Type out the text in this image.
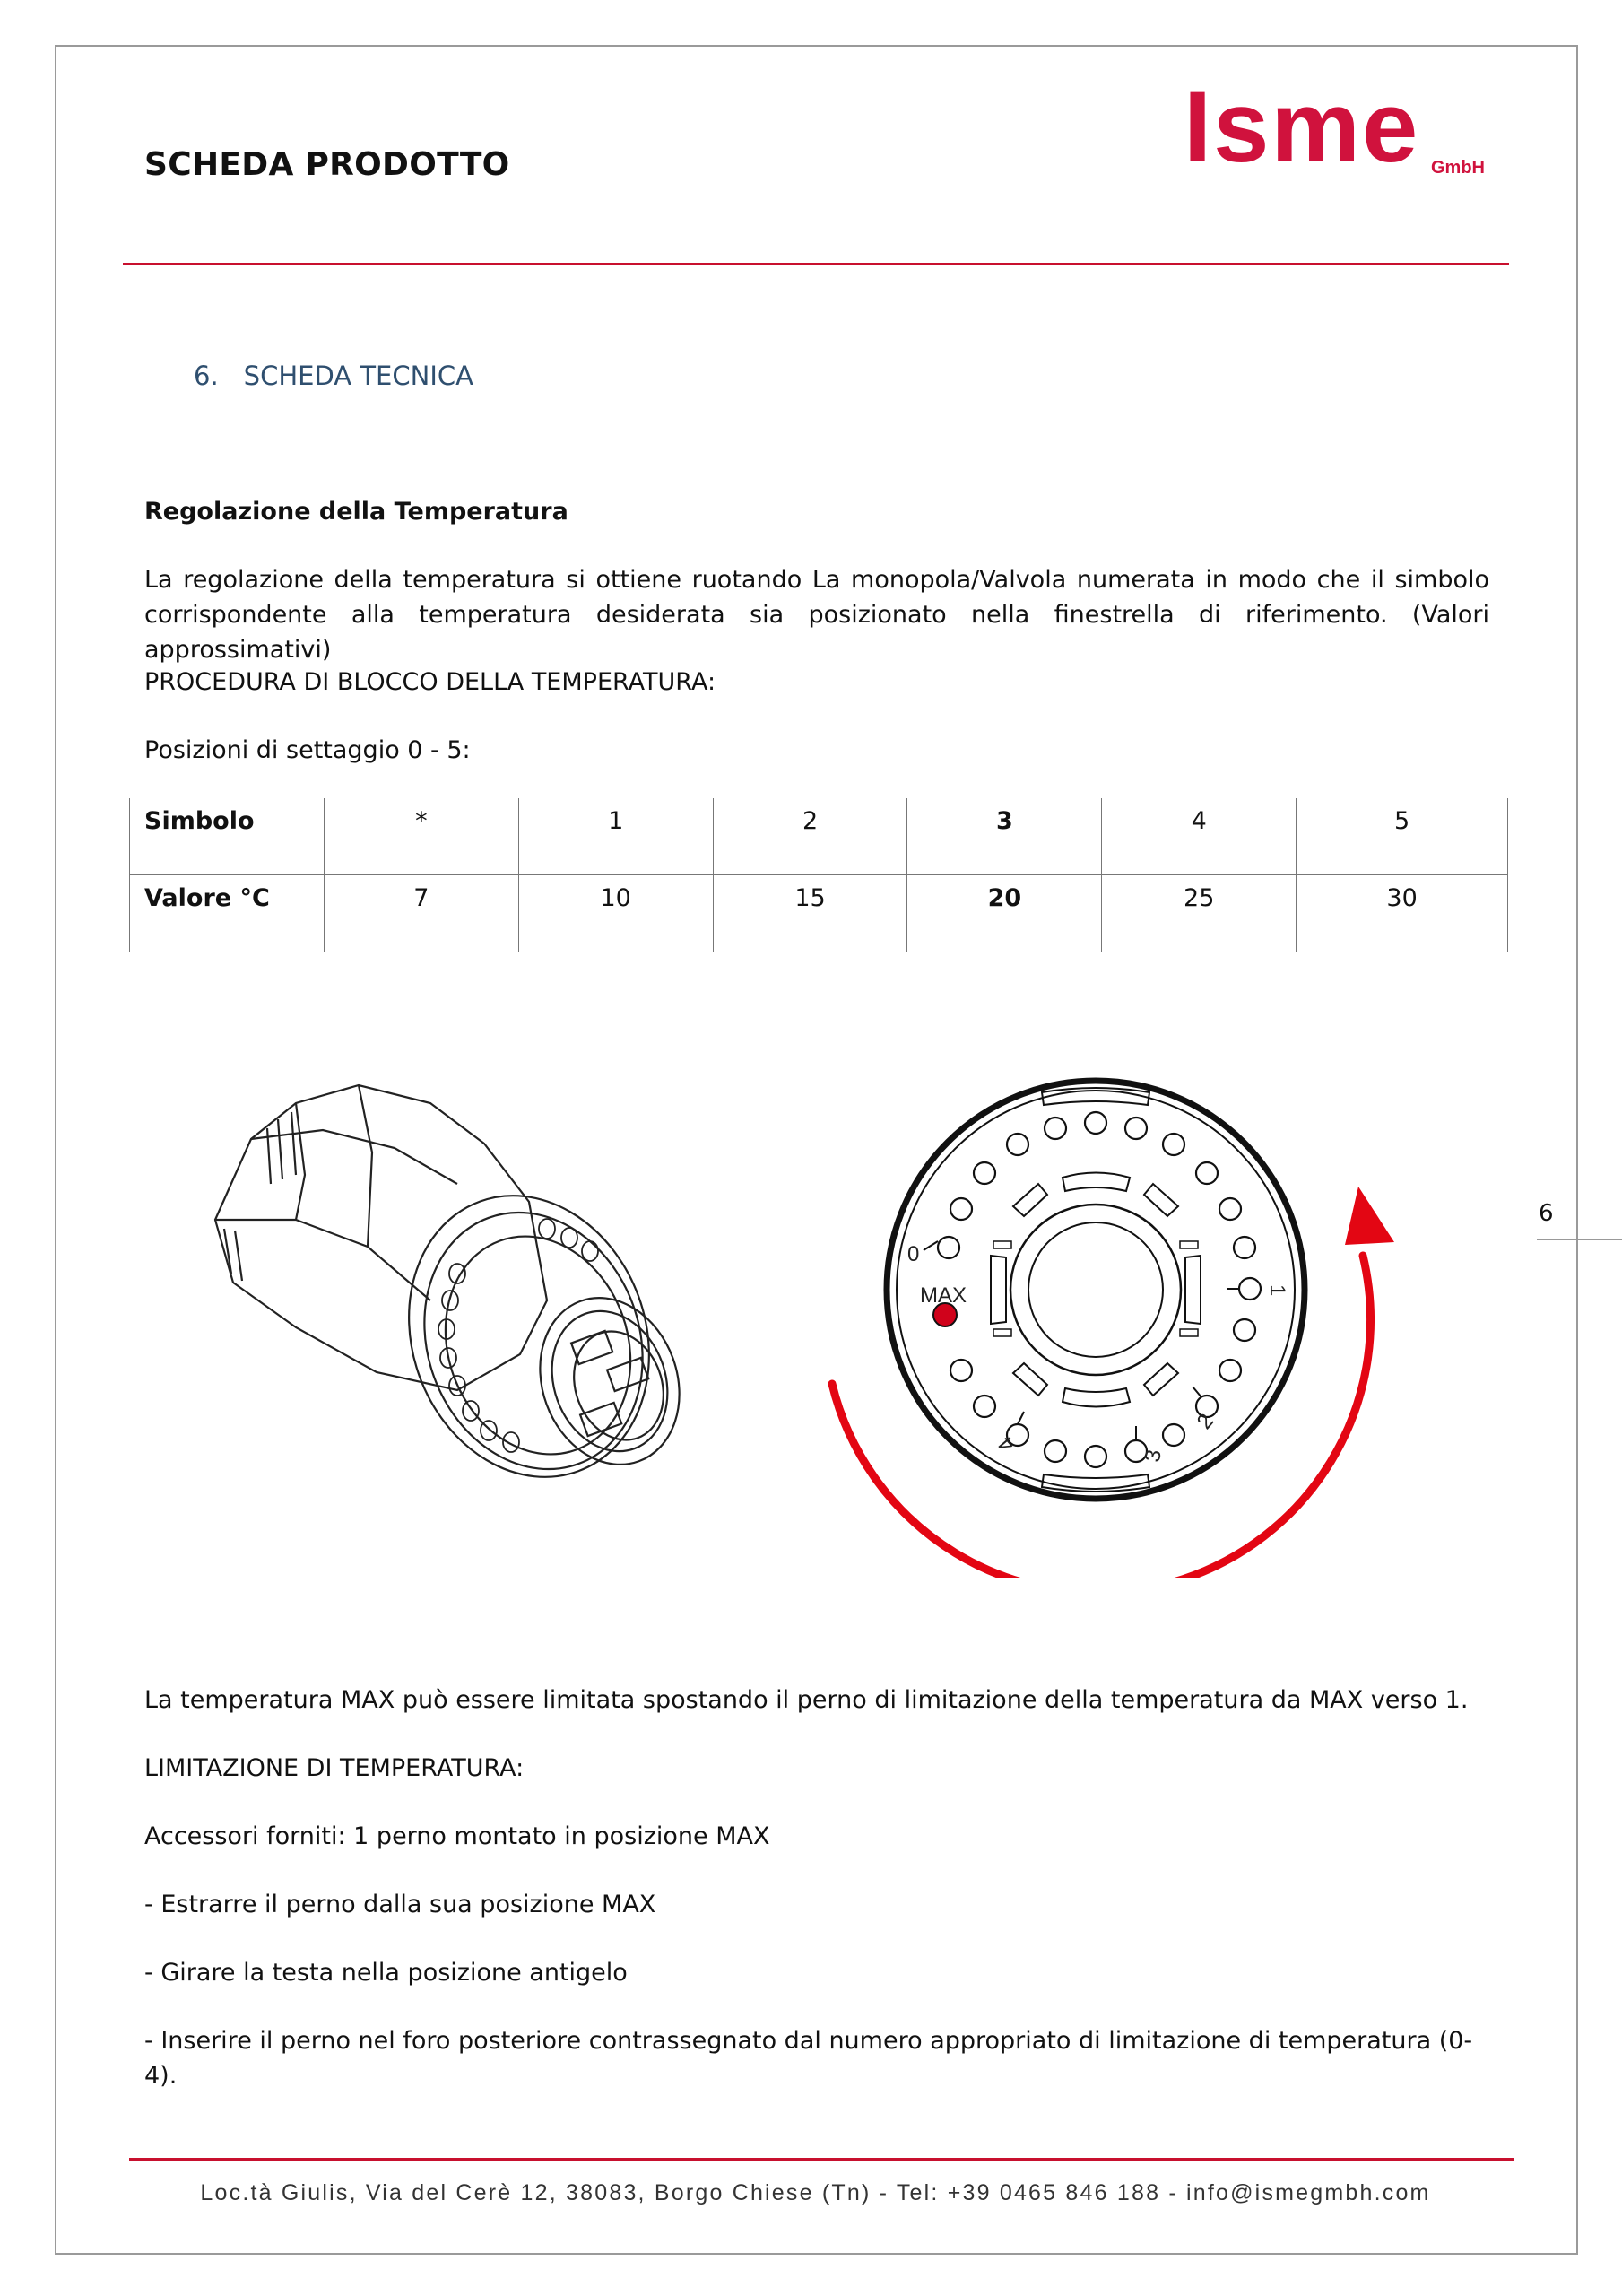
SCHEDA PRODOTTO	Isme GmbH
6. SCHEDA TECNICA
Regolazione della Temperatura
La regolazione della temperatura si ottiene ruotando La monopola/Valvola numerata in modo che il simbolo corrispondente alla temperatura desiderata sia posizionato nella finestrella di riferimento. (Valori approssimativi)
PROCEDURA DI BLOCCO DELLA TEMPERATURA:
Posizioni di settaggio 0 - 5:
Simbolo	*	1	2	3	4	5
Valore °C	7	10	15	20	25	30
0
MAX	1
2
3
4
6
La temperatura MAX può essere limitata spostando il perno di limitazione della temperatura da MAX verso 1.
LIMITAZIONE DI TEMPERATURA:
Accessori forniti: 1 perno montato in posizione MAX
- Estrarre il perno dalla sua posizione MAX
- Girare la testa nella posizione antigelo
- Inserire il perno nel foro posteriore contrassegnato dal numero appropriato di limitazione di temperatura (0-4).
Loc.tà Giulis, Via del Cerè 12, 38083, Borgo Chiese (Tn) - Tel: +39 0465 846 188 - info@ismegmbh.com
